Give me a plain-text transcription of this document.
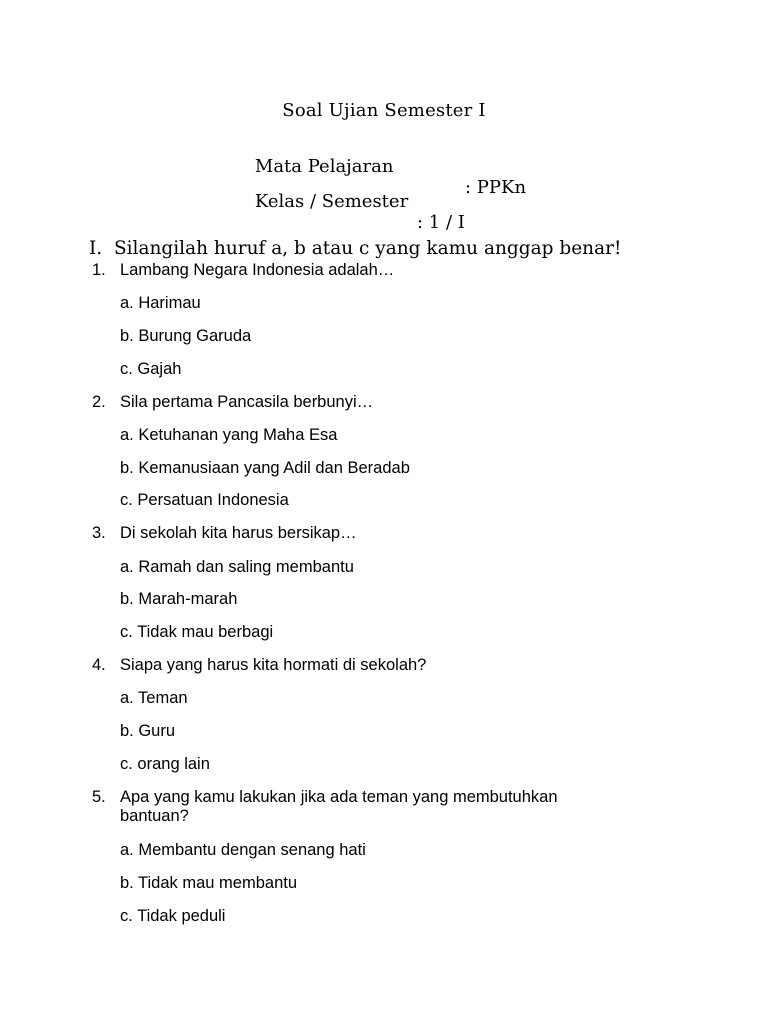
Soal Ujian Semester I

Mata Pelajaran

: PPKn

Kelas / Semester

: 1 / I

I. Silangilah huruf a, b atau c yang kamu anggap benar!
1. Lambang Negara Indonesia adalah…
a. Harimau
b. Burung Garuda
c. Gajah
2. Sila pertama Pancasila berbunyi…
a. Ketuhanan yang Maha Esa
b. Kemanusiaan yang Adil dan Beradab
c. Persatuan Indonesia
3. Di sekolah kita harus bersikap…
a. Ramah dan saling membantu
b. Marah-marah
c. Tidak mau berbagi
4. Siapa yang harus kita hormati di sekolah?
a. Teman
b. Guru
c. orang lain
5. Apa yang kamu lakukan jika ada teman yang membutuhkan bantuan?
a. Membantu dengan senang hati
b. Tidak mau membantu
c. Tidak peduli
